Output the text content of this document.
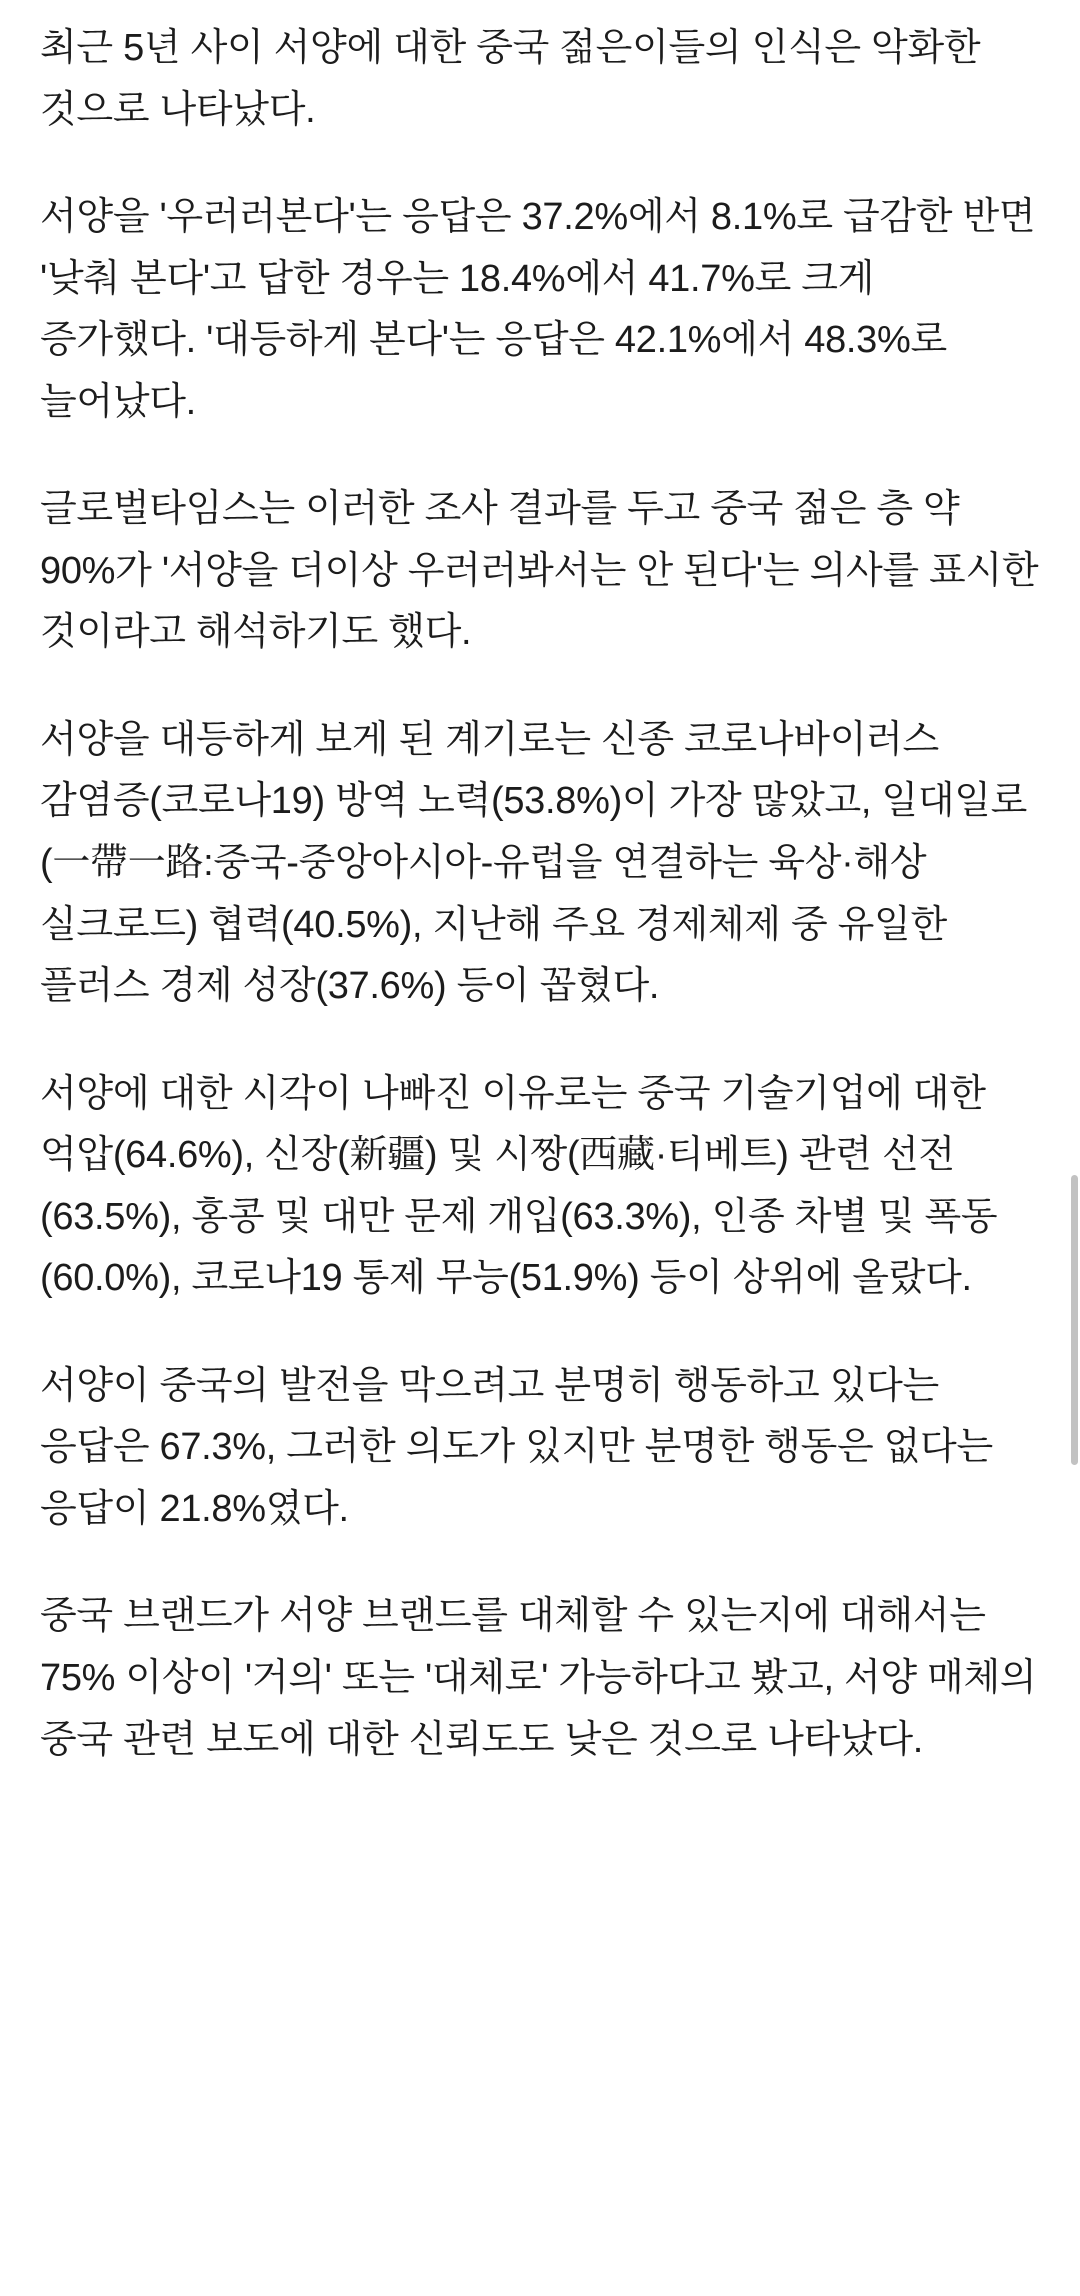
최근 5년 사이 서양에 대한 중국 젊은이들의 인식은 악화한 것으로 나타났다.

서양을 '우러러본다'는 응답은 37.2%에서 8.1%로 급감한 반면 '낮춰 본다'고 답한 경우는 18.4%에서 41.7%로 크게 증가했다. '대등하게 본다'는 응답은 42.1%에서 48.3%로 늘어났다.

글로벌타임스는 이러한 조사 결과를 두고 중국 젊은 층 약 90%가 '서양을 더이상 우러러봐서는 안 된다'는 의사를 표시한 것이라고 해석하기도 했다.

서양을 대등하게 보게 된 계기로는 신종 코로나바이러스 감염증(코로나19) 방역 노력(53.8%)이 가장 많았고, 일대일로(一帶一路:중국-중앙아시아-유럽을 연결하는 육상·해상 실크로드) 협력(40.5%), 지난해 주요 경제체제 중 유일한 플러스 경제 성장(37.6%) 등이 꼽혔다.

서양에 대한 시각이 나빠진 이유로는 중국 기술기업에 대한 억압(64.6%), 신장(新疆) 및 시짱(西藏·티베트) 관련 선전(63.5%), 홍콩 및 대만 문제 개입(63.3%), 인종 차별 및 폭동(60.0%), 코로나19 통제 무능(51.9%) 등이 상위에 올랐다.

서양이 중국의 발전을 막으려고 분명히 행동하고 있다는 응답은 67.3%, 그러한 의도가 있지만 분명한 행동은 없다는 응답이 21.8%였다.

중국 브랜드가 서양 브랜드를 대체할 수 있는지에 대해서는 75% 이상이 '거의' 또는 '대체로' 가능하다고 봤고, 서양 매체의 중국 관련 보도에 대한 신뢰도도 낮은 것으로 나타났다.
